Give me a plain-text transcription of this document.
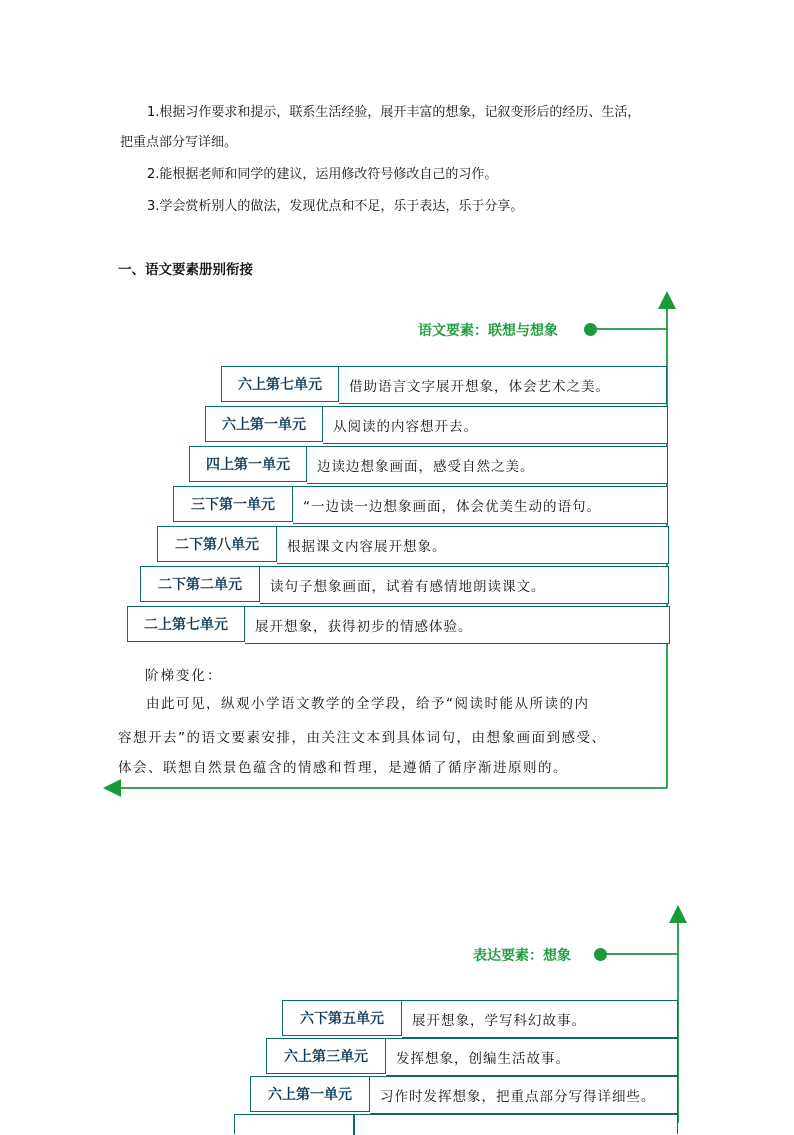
1.根据习作要求和提示，联系生活经验，展开丰富的想象，记叙变形后的经历、生活，
把重点部分写详细。
2.能根据老师和同学的建议，运用修改符号修改自己的习作。
3.学会赏析别人的做法，发现优点和不足，乐于表达，乐于分享。
一、语文要素册别衔接
语文要素：联想与想象
六上第七单元	借助语言文字展开想象，体会艺术之美。
六上第一单元	从阅读的内容想开去。
四上第一单元	边读边想象画面，感受自然之美。
三下第一单元	“一边读一边想象画面，体会优美生动的语句。
二下第八单元	根据课文内容展开想象。
二下第二单元	读句子想象画面，试着有感情地朗读课文。
二上第七单元	展开想象，获得初步的情感体验。
阶梯变化：
由此可见，纵观小学语文教学的全学段，给予“阅读时能从所读的内
容想开去”的语文要素安排，由关注文本到具体词句，由想象画面到感受、
体会、联想自然景色蕴含的情感和哲理，是遵循了循序渐进原则的。
表达要素：想象
六下第五单元	展开想象，学写科幻故事。
六上第三单元	发挥想象，创编生活故事。
六上第一单元	习作时发挥想象，把重点部分写得详细些。
